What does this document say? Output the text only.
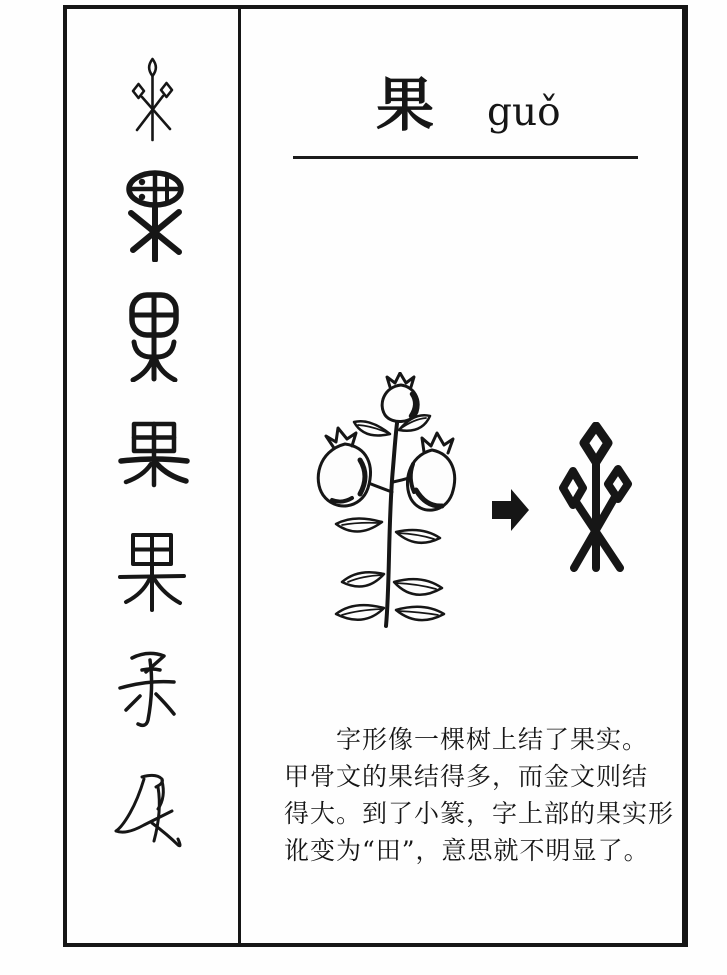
果 guǒ
字形像一棵树上结了果实。
甲骨文的果结得多，而金文则结
得大。到了小篆，字上部的果实形
讹变为“田”，意思就不明显了。
